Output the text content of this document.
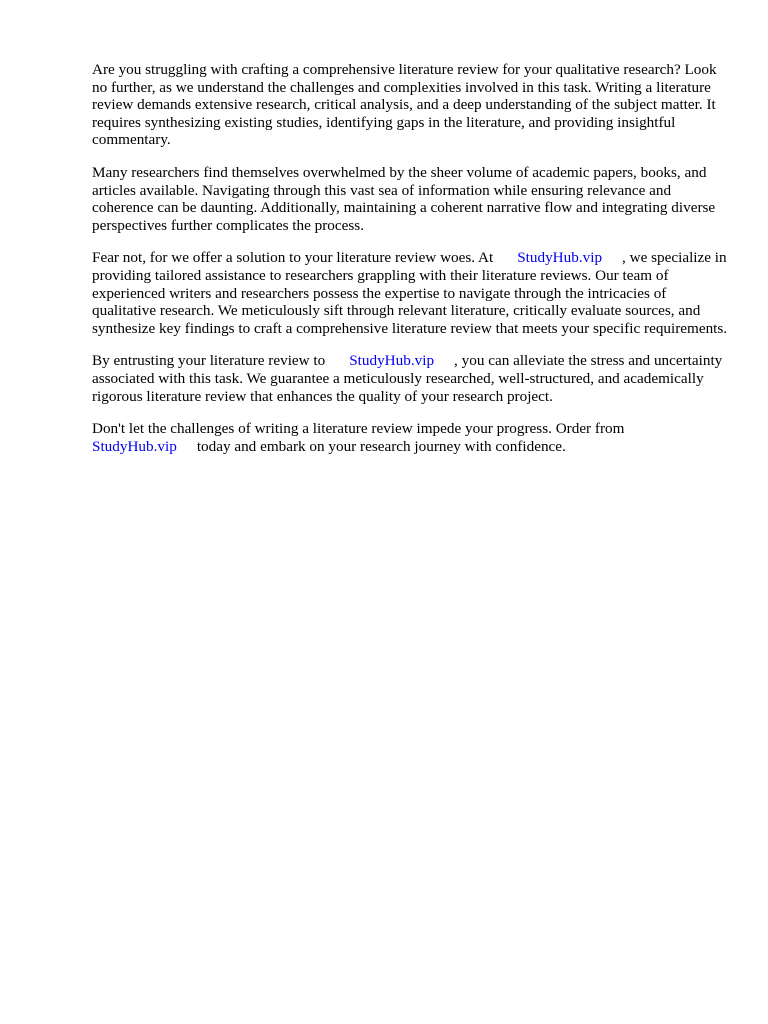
Are you struggling with crafting a comprehensive literature review for your qualitative research? Look no further, as we understand the challenges and complexities involved in this task. Writing a literature review demands extensive research, critical analysis, and a deep understanding of the subject matter. It requires synthesizing existing studies, identifying gaps in the literature, and providing insightful commentary.

Many researchers find themselves overwhelmed by the sheer volume of academic papers, books, and articles available. Navigating through this vast sea of information while ensuring relevance and coherence can be daunting. Additionally, maintaining a coherent narrative flow and integrating diverse perspectives further complicates the process.

Fear not, for we offer a solution to your literature review woes. At StudyHub.vip , we specialize in providing tailored assistance to researchers grappling with their literature reviews. Our team of experienced writers and researchers possess the expertise to navigate through the intricacies of qualitative research. We meticulously sift through relevant literature, critically evaluate sources, and synthesize key findings to craft a comprehensive literature review that meets your specific requirements.

By entrusting your literature review to StudyHub.vip , you can alleviate the stress and uncertainty associated with this task. We guarantee a meticulously researched, well-structured, and academically rigorous literature review that enhances the quality of your research project.

Don't let the challenges of writing a literature review impede your progress. Order from StudyHub.vip today and embark on your research journey with confidence.
